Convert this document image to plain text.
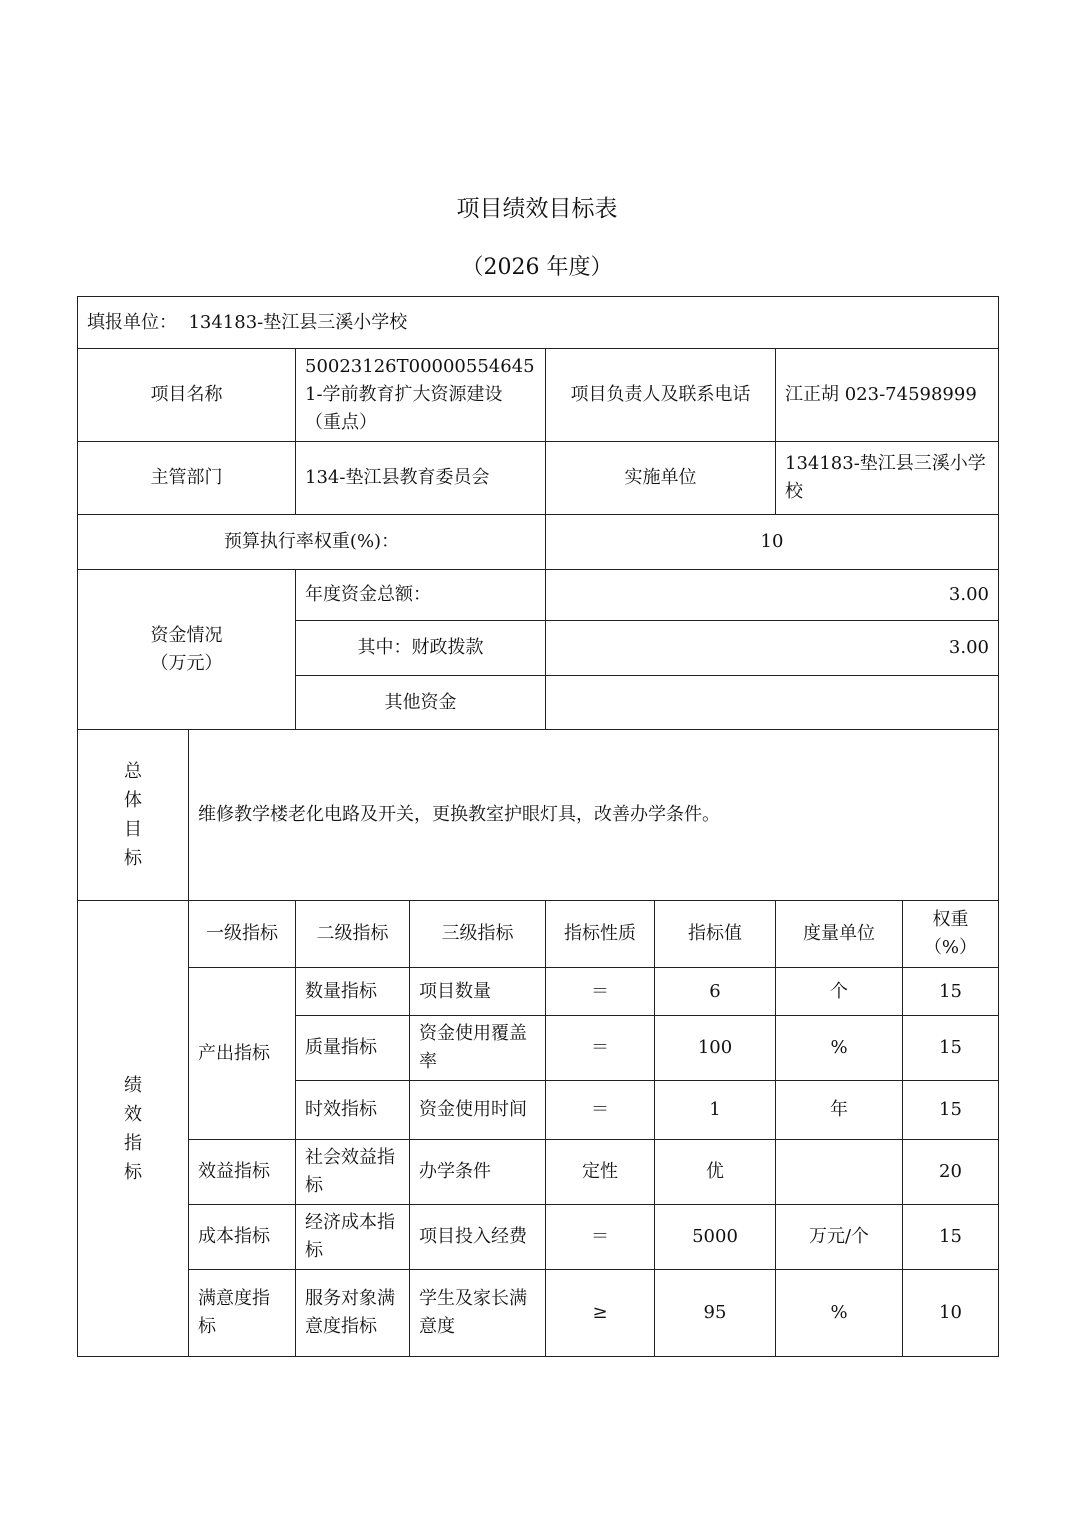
项目绩效目标表
（2026 年度）
填报单位： 134183-垫江县三溪小学校							
项目名称		50023126T000005546451-学前教育扩大资源建设（重点）		项目负责人及联系电话		江正胡 023-74598999	
主管部门		134-垫江县教育委员会		实施单位		134183-垫江县三溪小学校	
预算执行率权重(%)：				10			

资金情况
（万元）		年度资金总额：		3.00			
		其中：财政拨款		3.00			
		其他资金					

总
体
目
标	维修教学楼老化电路及开关，更换教室护眼灯具，改善办学条件。						

绩
效
指
标	一级指标	二级指标	三级指标	指标性质	指标值	度量单位	权重（%）
	产出指标	数量指标	项目数量	＝	6	个	15
		质量指标	资金使用覆盖率	＝	100	%	15
		时效指标	资金使用时间	＝	1	年	15
	效益指标	社会效益指标	办学条件	定性	优		20
	成本指标	经济成本指标	项目投入经费	＝	5000	万元/个	15
	满意度指标	服务对象满意度指标	学生及家长满意度	≥	95	%	10
